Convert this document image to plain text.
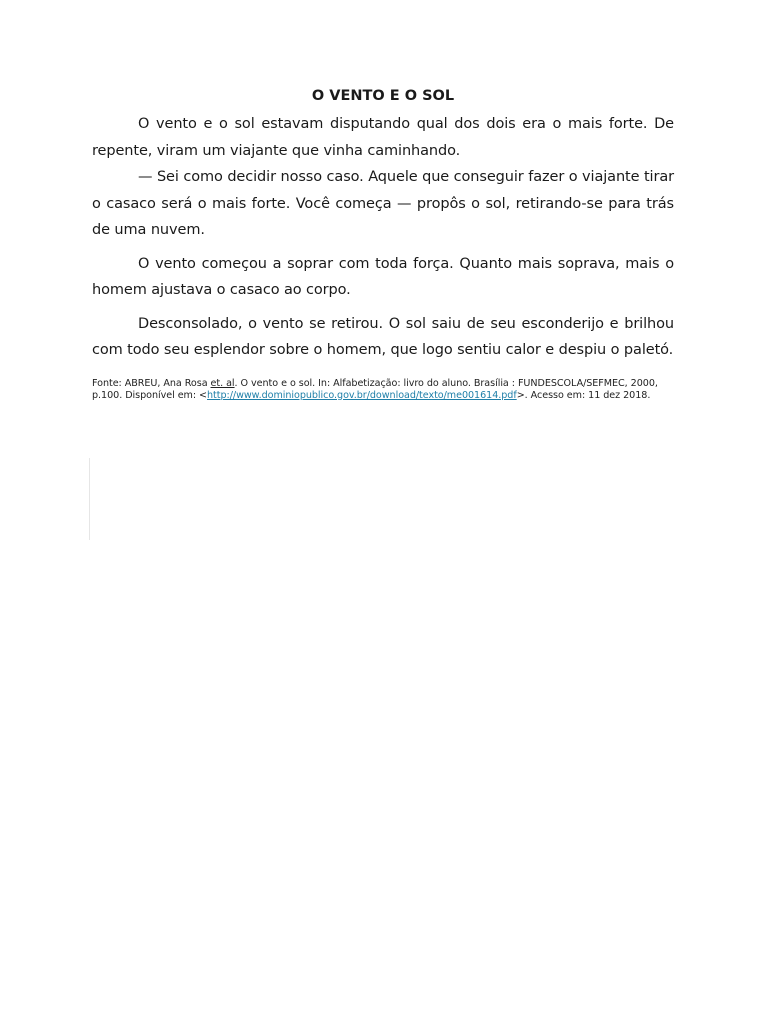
O VENTO E O SOL

O vento e o sol estavam disputando qual dos dois era o mais forte. De repente, viram um viajante que vinha caminhando.

— Sei como decidir nosso caso. Aquele que conseguir fazer o viajante tirar o casaco será o mais forte. Você começa — propôs o sol, retirando-se para trás de uma nuvem.

O vento começou a soprar com toda força. Quanto mais soprava, mais o homem ajustava o casaco ao corpo.

Desconsolado, o vento se retirou. O sol saiu de seu esconderijo e brilhou com todo seu esplendor sobre o homem, que logo sentiu calor e despiu o paletó.

Fonte: ABREU, Ana Rosa et. al. O vento e o sol. In: Alfabetização: livro do aluno. Brasília : FUNDESCOLA/SEFMEC, 2000, p.100. Disponível em: <http://www.dominiopublico.gov.br/download/texto/me001614.pdf>. Acesso em: 11 dez 2018.
